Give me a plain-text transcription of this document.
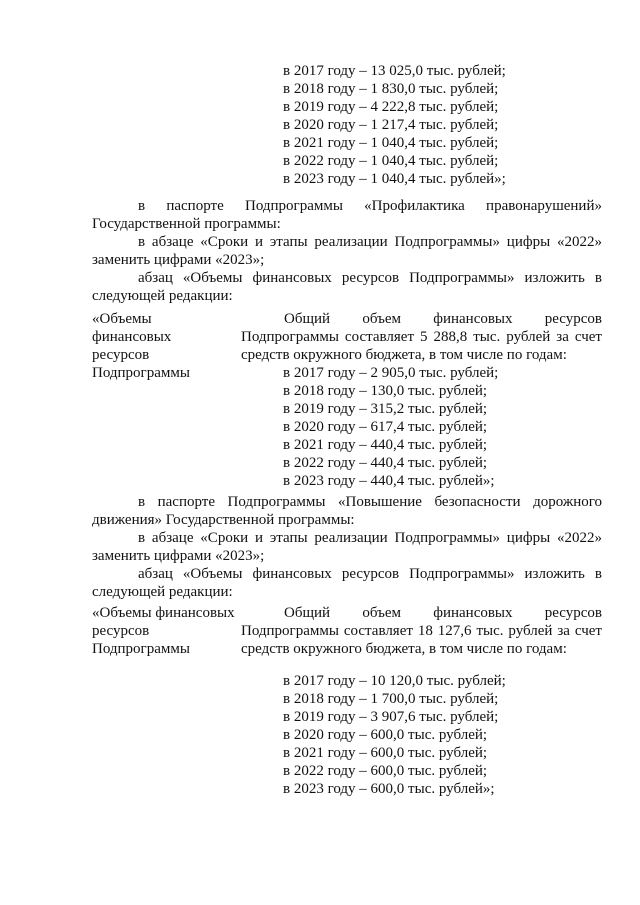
в 2017 году – 13 025,0 тыс. рублей;
в 2018 году – 1 830,0 тыс. рублей;
в 2019 году – 4 222,8 тыс. рублей;
в 2020 году – 1 217,4 тыс. рублей;
в 2021 году – 1 040,4 тыс. рублей;
в 2022 году – 1 040,4 тыс. рублей;
в 2023 году – 1 040,4 тыс. рублей»;
в паспорте Подпрограммы «Профилактика правонарушений»
Государственной программы:
в абзаце «Сроки и этапы реализации Подпрограммы» цифры «2022»
заменить цифрами «2023»;
абзац «Объемы финансовых ресурсов Подпрограммы» изложить в
следующей редакции:
«Объемы
финансовых
ресурсов
Подпрограммы
Общий объем финансовых ресурсов Подпрограммы составляет 5 288,8 тыс. рублей за счет средств окружного бюджета, в том числе по годам:
в 2017 году – 2 905,0 тыс. рублей;
в 2018 году – 130,0 тыс. рублей;
в 2019 году – 315,2 тыс. рублей;
в 2020 году – 617,4 тыс. рублей;
в 2021 году – 440,4 тыс. рублей;
в 2022 году – 440,4 тыс. рублей;
в 2023 году – 440,4 тыс. рублей»;
в паспорте Подпрограммы «Повышение безопасности дорожного
движения» Государственной программы:
в абзаце «Сроки и этапы реализации Подпрограммы» цифры «2022»
заменить цифрами «2023»;
абзац «Объемы финансовых ресурсов Подпрограммы» изложить в
следующей редакции:
«Объемы финансовых
ресурсов
Подпрограммы
Общий объем финансовых ресурсов Подпрограммы составляет 18 127,6 тыс. рублей за счет средств окружного бюджета, в том числе по годам:
в 2017 году – 10 120,0 тыс. рублей;
в 2018 году – 1 700,0 тыс. рублей;
в 2019 году – 3 907,6 тыс. рублей;
в 2020 году – 600,0 тыс. рублей;
в 2021 году – 600,0 тыс. рублей;
в 2022 году – 600,0 тыс. рублей;
в 2023 году – 600,0 тыс. рублей»;
